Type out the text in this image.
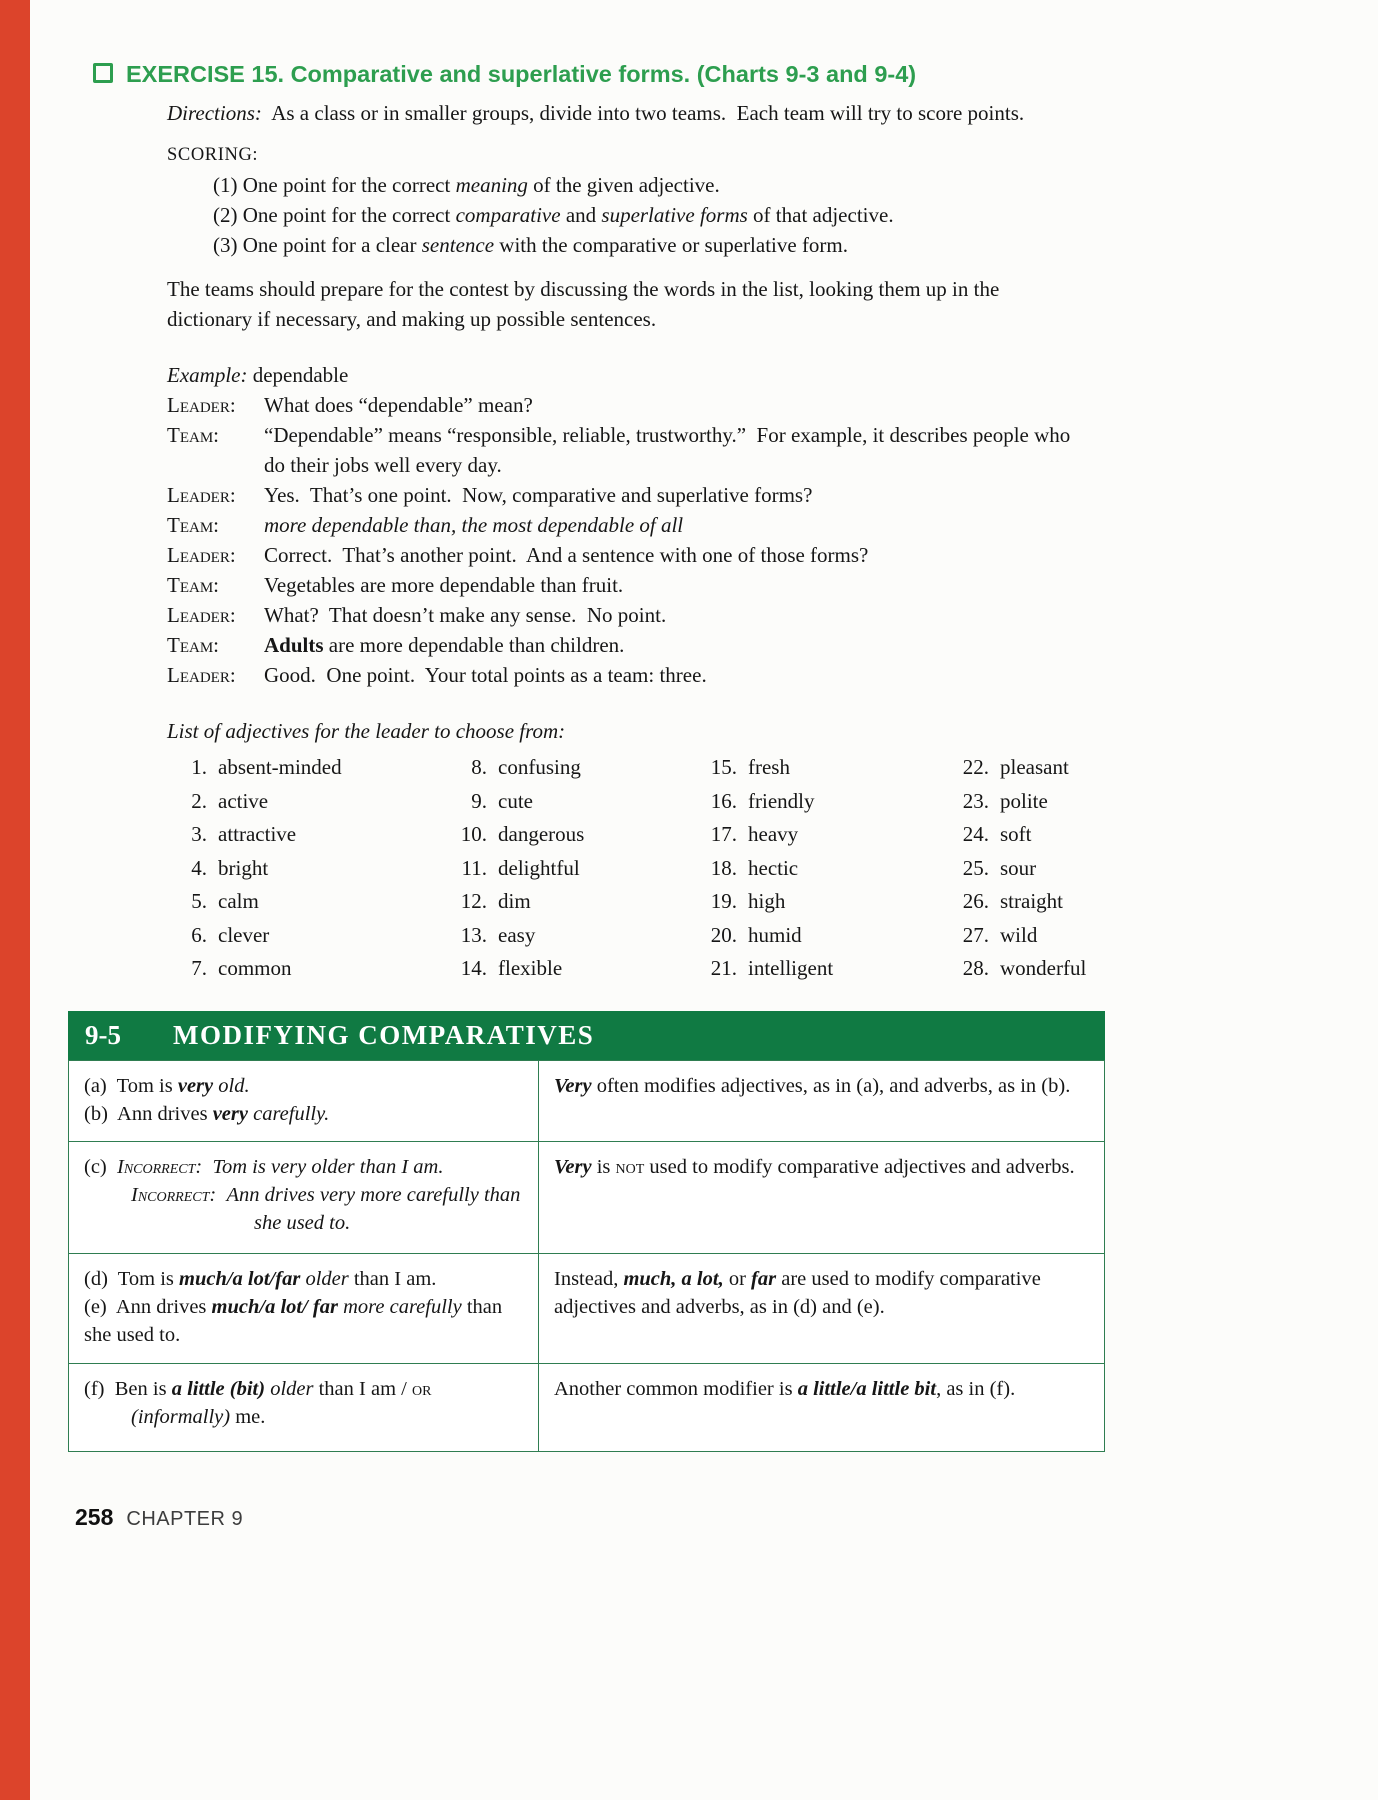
EXERCISE 15. Comparative and superlative forms. (Charts 9-3 and 9-4)

Directions:  As a class or in smaller groups, divide into two teams.  Each team will try to score points.

SCORING:
(1) One point for the correct meaning of the given adjective.
(2) One point for the correct comparative and superlative forms of that adjective.
(3) One point for a clear sentence with the comparative or superlative form.

The teams should prepare for the contest by discussing the words in the list, looking them up in the dictionary if necessary, and making up possible sentences.

Example: dependable
Leader:	What does “dependable” mean?
Team:	“Dependable” means “responsible, reliable, trustworthy.”  For example, it describes people who do their jobs well every day.
Leader:	Yes.  That’s one point.  Now, comparative and superlative forms?
Team:	more dependable than, the most dependable of all
Leader:	Correct.  That’s another point.  And a sentence with one of those forms?
Team:	Vegetables are more dependable than fruit.
Leader:	What?  That doesn’t make any sense.  No point.
Team:	Adults are more dependable than children.
Leader:	Good.  One point.  Your total points as a team: three.
List of adjectives for the leader to choose from:
1. absent-minded
2. active
3. attractive
4. bright
5. calm
6. clever
7. common
8. confusing
9. cute
10. dangerous
11. delightful
12. dim
13. easy
14. flexible
15. fresh
16. friendly
17. heavy
18. hectic
19. high
20. humid
21. intelligent
22. pleasant
23. polite
24. soft
25. sour
26. straight
27. wild
28. wonderful
9-5 MODIFYING COMPARATIVES
(a)  Tom is very old.
(b)  Ann drives very carefully.	Very often modifies adjectives, as in (a), and adverbs, as in (b).

(c)  Incorrect: Tom is very older than I am.
Incorrect: Ann drives very more carefully than she used to.	Very is not used to modify comparative adjectives and adverbs.

(d)  Tom is much/a lot/far older than I am.
(e)  Ann drives much/a lot/ far more carefully than she used to.	Instead, much, a lot, or far are used to modify comparative adjectives and adverbs, as in (d) and (e).

(f)  Ben is a little (bit) older than I am / or (informally) me.	Another common modifier is a little/a little bit, as in (f).
258 CHAPTER 9
